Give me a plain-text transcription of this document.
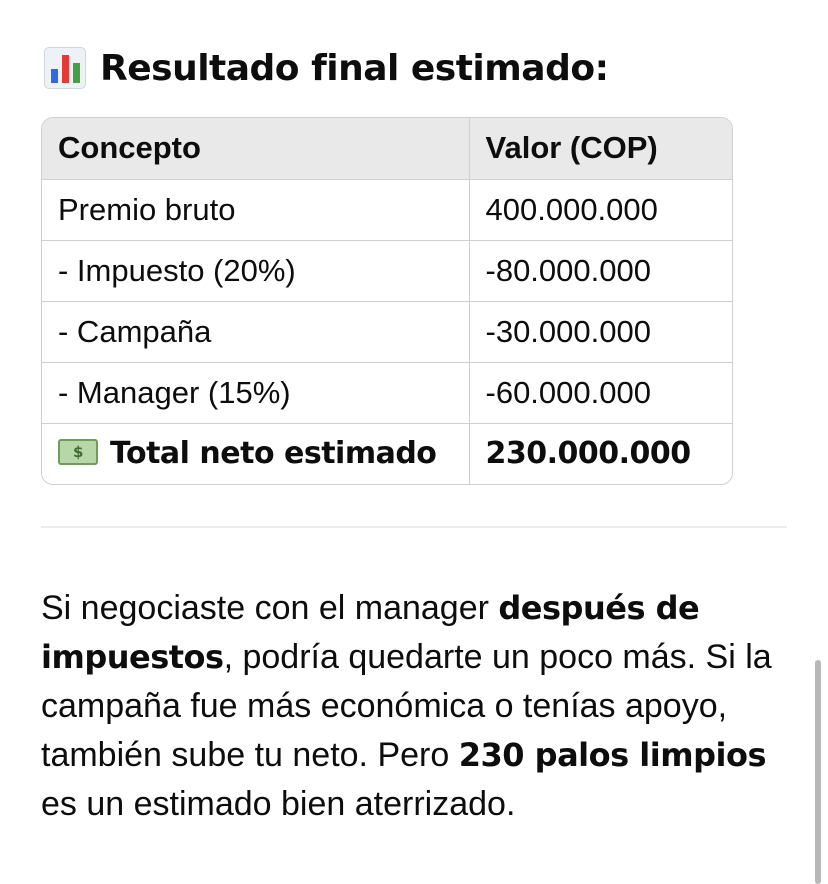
Resultado final estimado:
Concepto	Valor (COP)
Premio bruto	400.000.000
- Impuesto (20%)	-80.000.000
- Campaña	-30.000.000
- Manager (15%)	-60.000.000
$ Total neto estimado	230.000.000
Si negociaste con el manager después de impuestos, podría quedarte un poco más. Si la campaña fue más económica o tenías apoyo, también sube tu neto. Pero 230 palos limpios es un estimado bien aterrizado.
